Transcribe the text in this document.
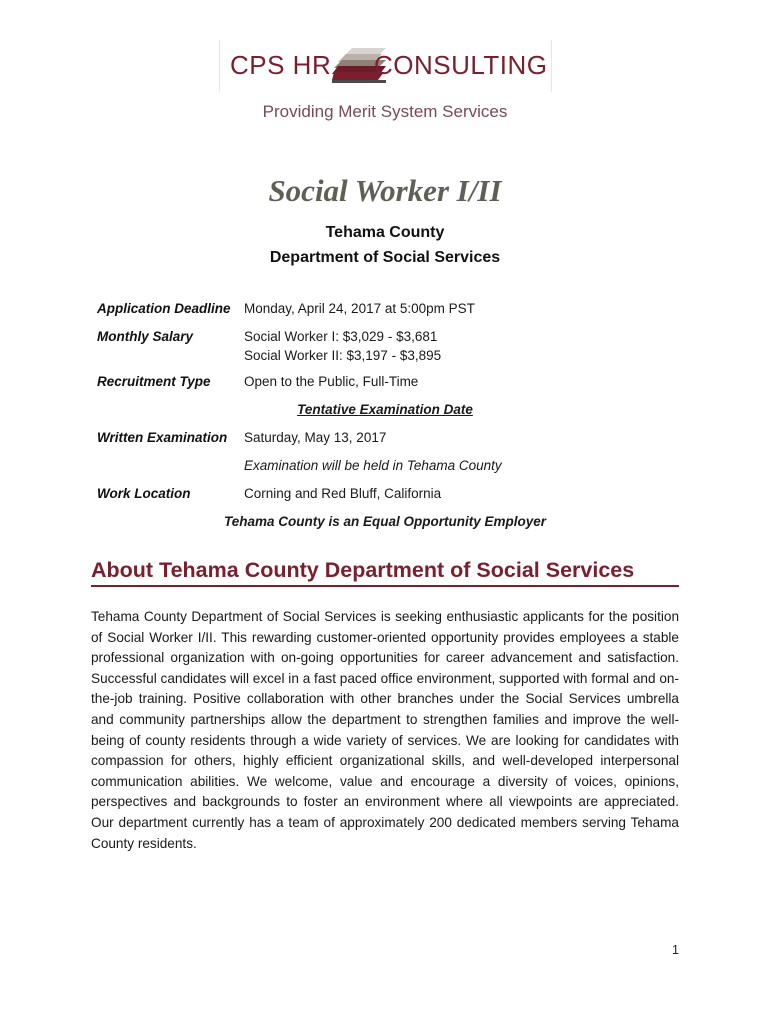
CPS HR CONSULTING
Providing Merit System Services
Social Worker I/II
Tehama County
Department of Social Services
Application Deadline Monday, April 24, 2017 at 5:00pm PST
Monthly Salary	Social Worker I: $3,029 - $3,681
Social Worker II: $3,197 - $3,895
Recruitment Type Open to the Public, Full-Time
Tentative Examination Date
Written Examination Saturday, May 13, 2017
Examination will be held in Tehama County
Work Location	Corning and Red Bluff, California
Tehama County is an Equal Opportunity Employer
About Tehama County Department of Social Services
Tehama County Department of Social Services is seeking enthusiastic applicants for the position of Social Worker I/II. This rewarding customer-oriented opportunity provides employees a stable professional organization with on-going opportunities for career advancement and satisfaction. Successful candidates will excel in a fast paced office environment, supported with formal and on-the-job training. Positive collaboration with other branches under the Social Services umbrella and community partnerships allow the department to strengthen families and improve the well-being of county residents through a wide variety of services. We are looking for candidates with compassion for others, highly efficient organizational skills, and well-developed interpersonal communication abilities. We welcome, value and encourage a diversity of voices, opinions, perspectives and backgrounds to foster an environment where all viewpoints are appreciated. Our department currently has a team of approximately 200 dedicated members serving Tehama County residents.
1
